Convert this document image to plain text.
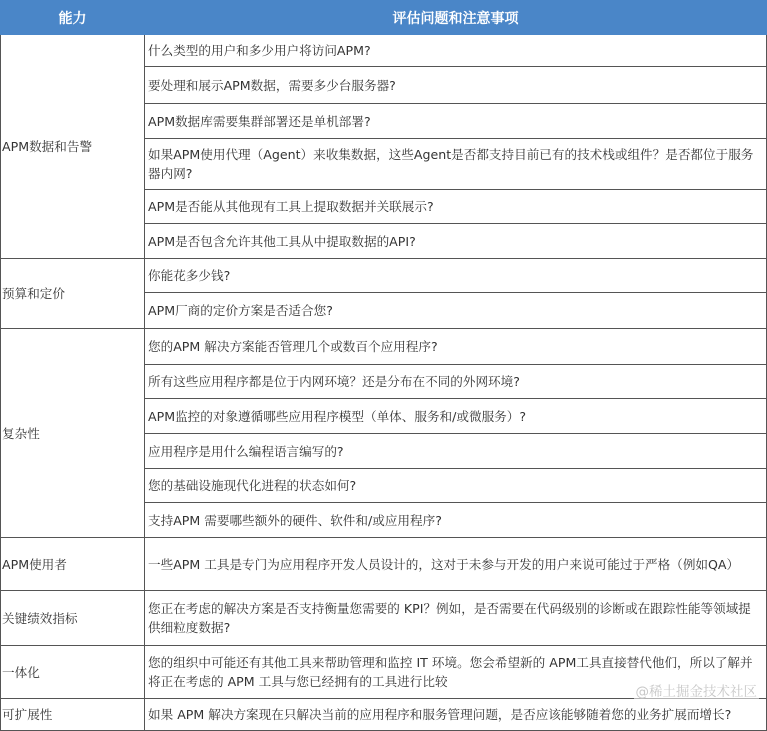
能力	评估问题和注意事项
APM数据和告警	什么类型的用户和多少用户将访问APM?
	要处理和展示APM数据，需要多少台服务器?
	APM数据库需要集群部署还是单机部署?
	如果APM使用代理（Agent）来收集数据，这些Agent是否都支持目前已有的技术栈或组件？是否都位于服务器内网?
	APM是否能从其他现有工具上提取数据并关联展示?
	APM是否包含允许其他工具从中提取数据的API?
预算和定价	你能花多少钱?
	APM厂商的定价方案是否适合您?
复杂性	您的APM 解决方案能否管理几个或数百个应用程序?
	所有这些应用程序都是位于内网环境？还是分布在不同的外网环境?
	APM监控的对象遵循哪些应用程序模型（单体、服务和/或微服务）?
	应用程序是用什么编程语言编写的?
	您的基础设施现代化进程的状态如何?
	支持APM 需要哪些额外的硬件、软件和/或应用程序?
APM使用者	一些APM 工具是专门为应用程序开发人员设计的，这对于未参与开发的用户来说可能过于严格（例如QA）
关键绩效指标	您正在考虑的解决方案是否支持衡量您需要的 KPI？例如，是否需要在代码级别的诊断或在跟踪性能等领域提供细粒度数据?
一体化	您的组织中可能还有其他工具来帮助管理和监控 IT 环境。您会希望新的 APM工具直接替代他们，所以了解并将正在考虑的 APM 工具与您已经拥有的工具进行比较
可扩展性	如果 APM 解决方案现在只解决当前的应用程序和服务管理问题，是否应该能够随着您的业务扩展而增长?
@稀土掘金技术社区
